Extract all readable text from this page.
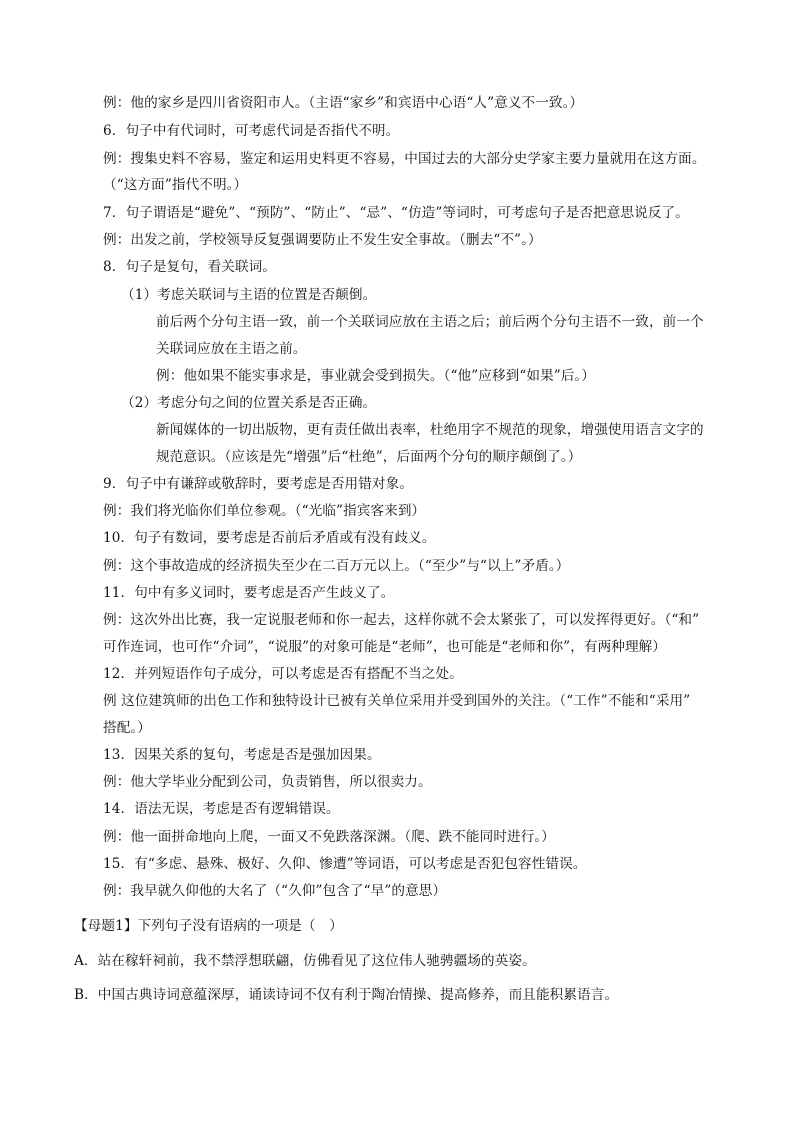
例：他的家乡是四川省资阳市人。（主语“家乡”和宾语中心语“人”意义不一致。）
6．句子中有代词时，可考虑代词是否指代不明。
例：搜集史料不容易，鉴定和运用史料更不容易，中国过去的大部分史学家主要力量就用在这方面。
（“这方面”指代不明。）
7．句子谓语是“避免”、“预防”、“防止”、“忌”、“仿造”等词时，可考虑句子是否把意思说反了。
例：出发之前，学校领导反复强调要防止不发生安全事故。（删去“不”。）
8．句子是复句，看关联词。
（1）考虑关联词与主语的位置是否颠倒。
前后两个分句主语一致，前一个关联词应放在主语之后；前后两个分句主语不一致，前一个
关联词应放在主语之前。
例：他如果不能实事求是，事业就会受到损失。（“他”应移到“如果”后。）
（2）考虑分句之间的位置关系是否正确。
新闻媒体的一切出版物，更有责任做出表率，杜绝用字不规范的现象，增强使用语言文字的
规范意识。（应该是先“增强”后“杜绝”，后面两个分句的顺序颠倒了。）
9．句子中有谦辞或敬辞时，要考虑是否用错对象。
例：我们将光临你们单位参观。（“光临”指宾客来到）
10．句子有数词，要考虑是否前后矛盾或有没有歧义。
例：这个事故造成的经济损失至少在二百万元以上。（“至少”与“以上”矛盾。）
11．句中有多义词时，要考虑是否产生歧义了。
例：这次外出比赛，我一定说服老师和你一起去，这样你就不会太紧张了，可以发挥得更好。（“和”
可作连词，也可作“介词”，“说服”的对象可能是“老师”，也可能是“老师和你”，有两种理解）
12．并列短语作句子成分，可以考虑是否有搭配不当之处。
例 这位建筑师的出色工作和独特设计已被有关单位采用并受到国外的关注。（“工作”不能和“采用”
搭配。）
13．因果关系的复句，考虑是否是强加因果。
例：他大学毕业分配到公司，负责销售，所以很卖力。
14．语法无误，考虑是否有逻辑错误。
例：他一面拼命地向上爬，一面又不免跌落深渊。（爬、跌不能同时进行。）
15．有“多虑、悬殊、极好、久仰、惨遭”等词语，可以考虑是否犯包容性错误。
例：我早就久仰他的大名了（“久仰”包含了“早”的意思）
【母题1】下列句子没有语病的一项是（　）
A．站在稼轩祠前，我不禁浮想联翩，仿佛看见了这位伟人驰骋疆场的英姿。
B．中国古典诗词意蕴深厚，诵读诗词不仅有利于陶冶情操、提高修养，而且能积累语言。
